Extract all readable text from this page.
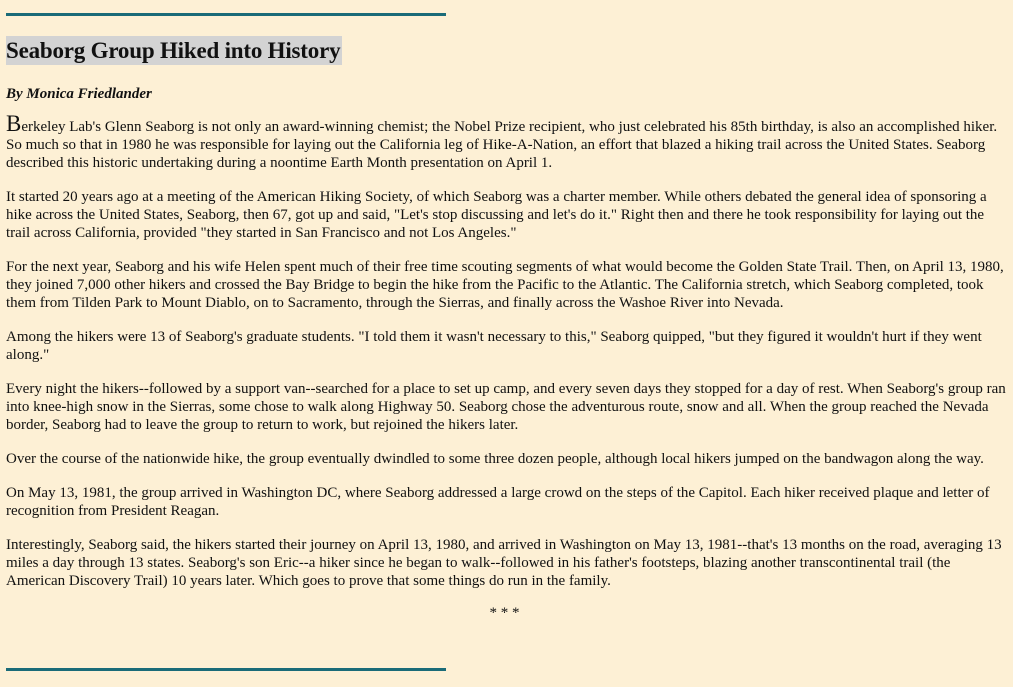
Seaborg Group Hiked into History

By Monica Friedlander

Berkeley Lab's Glenn Seaborg is not only an award-winning chemist; the Nobel Prize recipient, who just celebrated his 85th birthday, is also an accomplished hiker. So much so that in 1980 he was responsible for laying out the California leg of Hike-A-Nation, an effort that blazed a hiking trail across the United States. Seaborg described this historic undertaking during a noontime Earth Month presentation on April 1.

It started 20 years ago at a meeting of the American Hiking Society, of which Seaborg was a charter member. While others debated the general idea of sponsoring a hike across the United States, Seaborg, then 67, got up and said, "Let's stop discussing and let's do it." Right then and there he took responsibility for laying out the trail across California, provided "they started in San Francisco and not Los Angeles."

For the next year, Seaborg and his wife Helen spent much of their free time scouting segments of what would become the Golden State Trail. Then, on April 13, 1980, they joined 7,000 other hikers and crossed the Bay Bridge to begin the hike from the Pacific to the Atlantic. The California stretch, which Seaborg completed, took them from Tilden Park to Mount Diablo, on to Sacramento, through the Sierras, and finally across the Washoe River into Nevada.

Among the hikers were 13 of Seaborg's graduate students. "I told them it wasn't necessary to this," Seaborg quipped, "but they figured it wouldn't hurt if they went along."

Every night the hikers--followed by a support van--searched for a place to set up camp, and every seven days they stopped for a day of rest. When Seaborg's group ran into knee-high snow in the Sierras, some chose to walk along Highway 50. Seaborg chose the adventurous route, snow and all. When the group reached the Nevada border, Seaborg had to leave the group to return to work, but rejoined the hikers later.

Over the course of the nationwide hike, the group eventually dwindled to some three dozen people, although local hikers jumped on the bandwagon along the way.

On May 13, 1981, the group arrived in Washington DC, where Seaborg addressed a large crowd on the steps of the Capitol. Each hiker received plaque and letter of recognition from President Reagan.

Interestingly, Seaborg said, the hikers started their journey on April 13, 1980, and arrived in Washington on May 13, 1981--that's 13 months on the road, averaging 13 miles a day through 13 states. Seaborg's son Eric--a hiker since he began to walk--followed in his father's footsteps, blazing another transcontinental trail (the American Discovery Trail) 10 years later. Which goes to prove that some things do run in the family.

* * *
